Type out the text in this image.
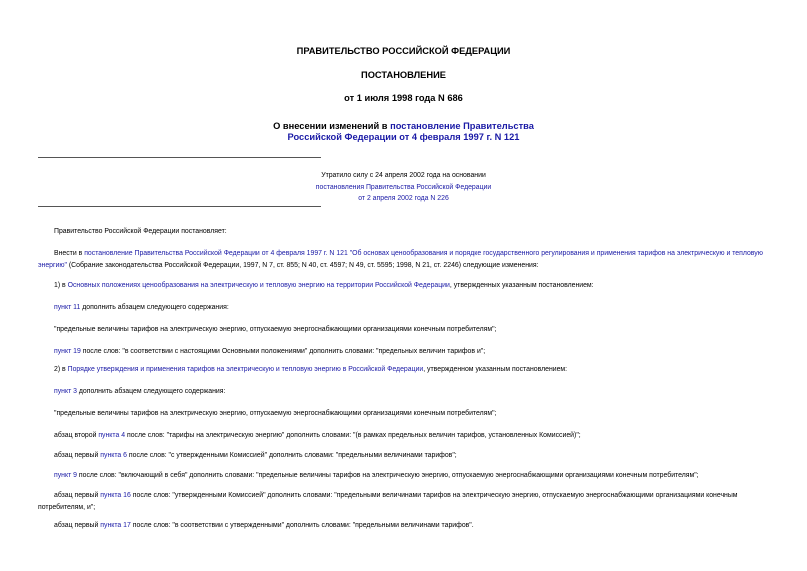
ПРАВИТЕЛЬСТВО РОССИЙСКОЙ ФЕДЕРАЦИИ
ПОСТАНОВЛЕНИЕ
от 1 июля 1998 года N 686
О внесении изменений в постановление Правительства
Российской Федерации от 4 февраля 1997 г. N 121
Утратило силу с 24 апреля 2002 года на основании
постановления Правительства Российской Федерации
от 2 апреля 2002 года N 226
Правительство Российской Федерации постановляет:
Внести в постановление Правительства Российской Федерации от 4 февраля 1997 г. N 121 "Об основах ценообразования и порядке государственного регулирования и применения тарифов на электрическую и тепловую энергию" (Собрание законодательства Российской Федерации, 1997, N 7, ст. 855; N 40, ст. 4597; N 49, ст. 5595; 1998, N 21, ст. 2246) следующие изменения:
1) в Основных положениях ценообразования на электрическую и тепловую энергию на территории Российской Федерации, утвержденных указанным постановлением:
пункт 11 дополнить абзацем следующего содержания:
"предельные величины тарифов на электрическую энергию, отпускаемую энергоснабжающими организациями конечным потребителям";
пункт 19 после слов: "в соответствии с настоящими Основными положениями" дополнить словами: "предельных величин тарифов и";
2) в Порядке утверждения и применения тарифов на электрическую и тепловую энергию в Российской Федерации, утвержденном указанным постановлением:
пункт 3 дополнить абзацем следующего содержания:
"предельные величины тарифов на электрическую энергию, отпускаемую энергоснабжающими организациями конечным потребителям";
абзац второй пункта 4 после слов: "тарифы на электрическую энергию" дополнить словами: "(в рамках предельных величин тарифов, установленных Комиссией)";
абзац первый пункта 6 после слов: "с утвержденными Комиссией" дополнить словами: "предельными величинами тарифов";
пункт 9 после слов: "включающий в себя" дополнить словами: "предельные величины тарифов на электрическую энергию, отпускаемую энергоснабжающими организациями конечным потребителям";
абзац первый пункта 16 после слов: "утвержденными Комиссией" дополнить словами: "предельными величинами тарифов на электрическую энергию, отпускаемую энергоснабжающими организациями конечным потребителям, и";
абзац первый пункта 17 после слов: "в соответствии с утвержденными" дополнить словами: "предельными величинами тарифов".
